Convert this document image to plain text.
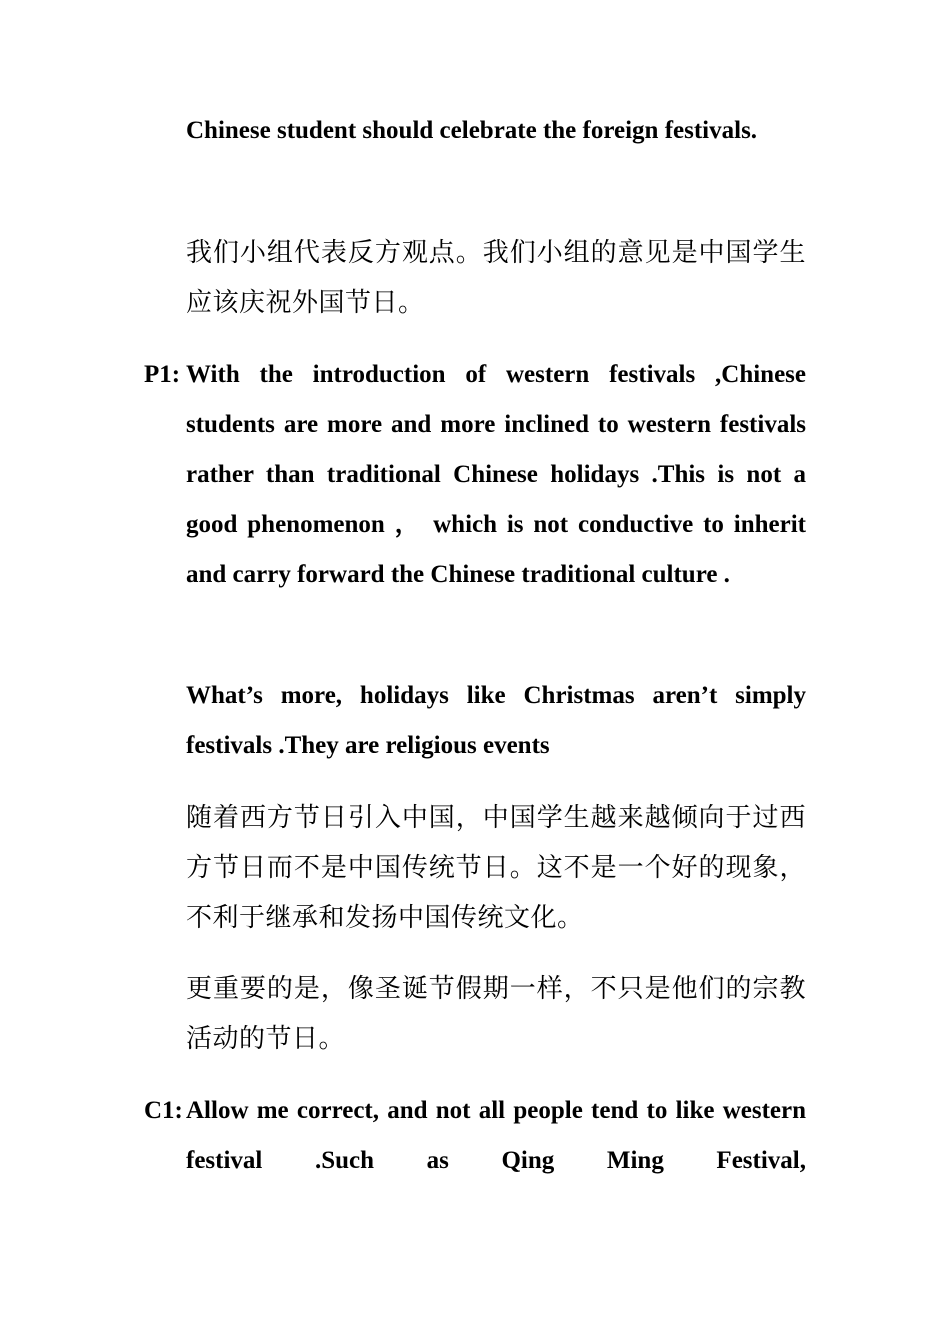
Chinese student should celebrate the foreign festivals.

我们小组代表反方观点。我们小组的意见是中国学生应该庆祝外国节日。

P1: With the introduction of western festivals ,Chinese students are more and more inclined to western festivals rather than traditional Chinese holidays .This is not a good phenomenon ， which is not conductive to inherit and carry forward the Chinese traditional culture .

What’s more, holidays like Christmas aren’t simply festivals .They are religious events

随着西方节日引入中国，中国学生越来越倾向于过西方节日而不是中国传统节日。这不是一个好的现象，不利于继承和发扬中国传统文化。

更重要的是，像圣诞节假期一样，不只是他们的宗教活动的节日。

C1: Allow me correct, and not all people tend to like western festival .Such as Qing Ming Festival,
